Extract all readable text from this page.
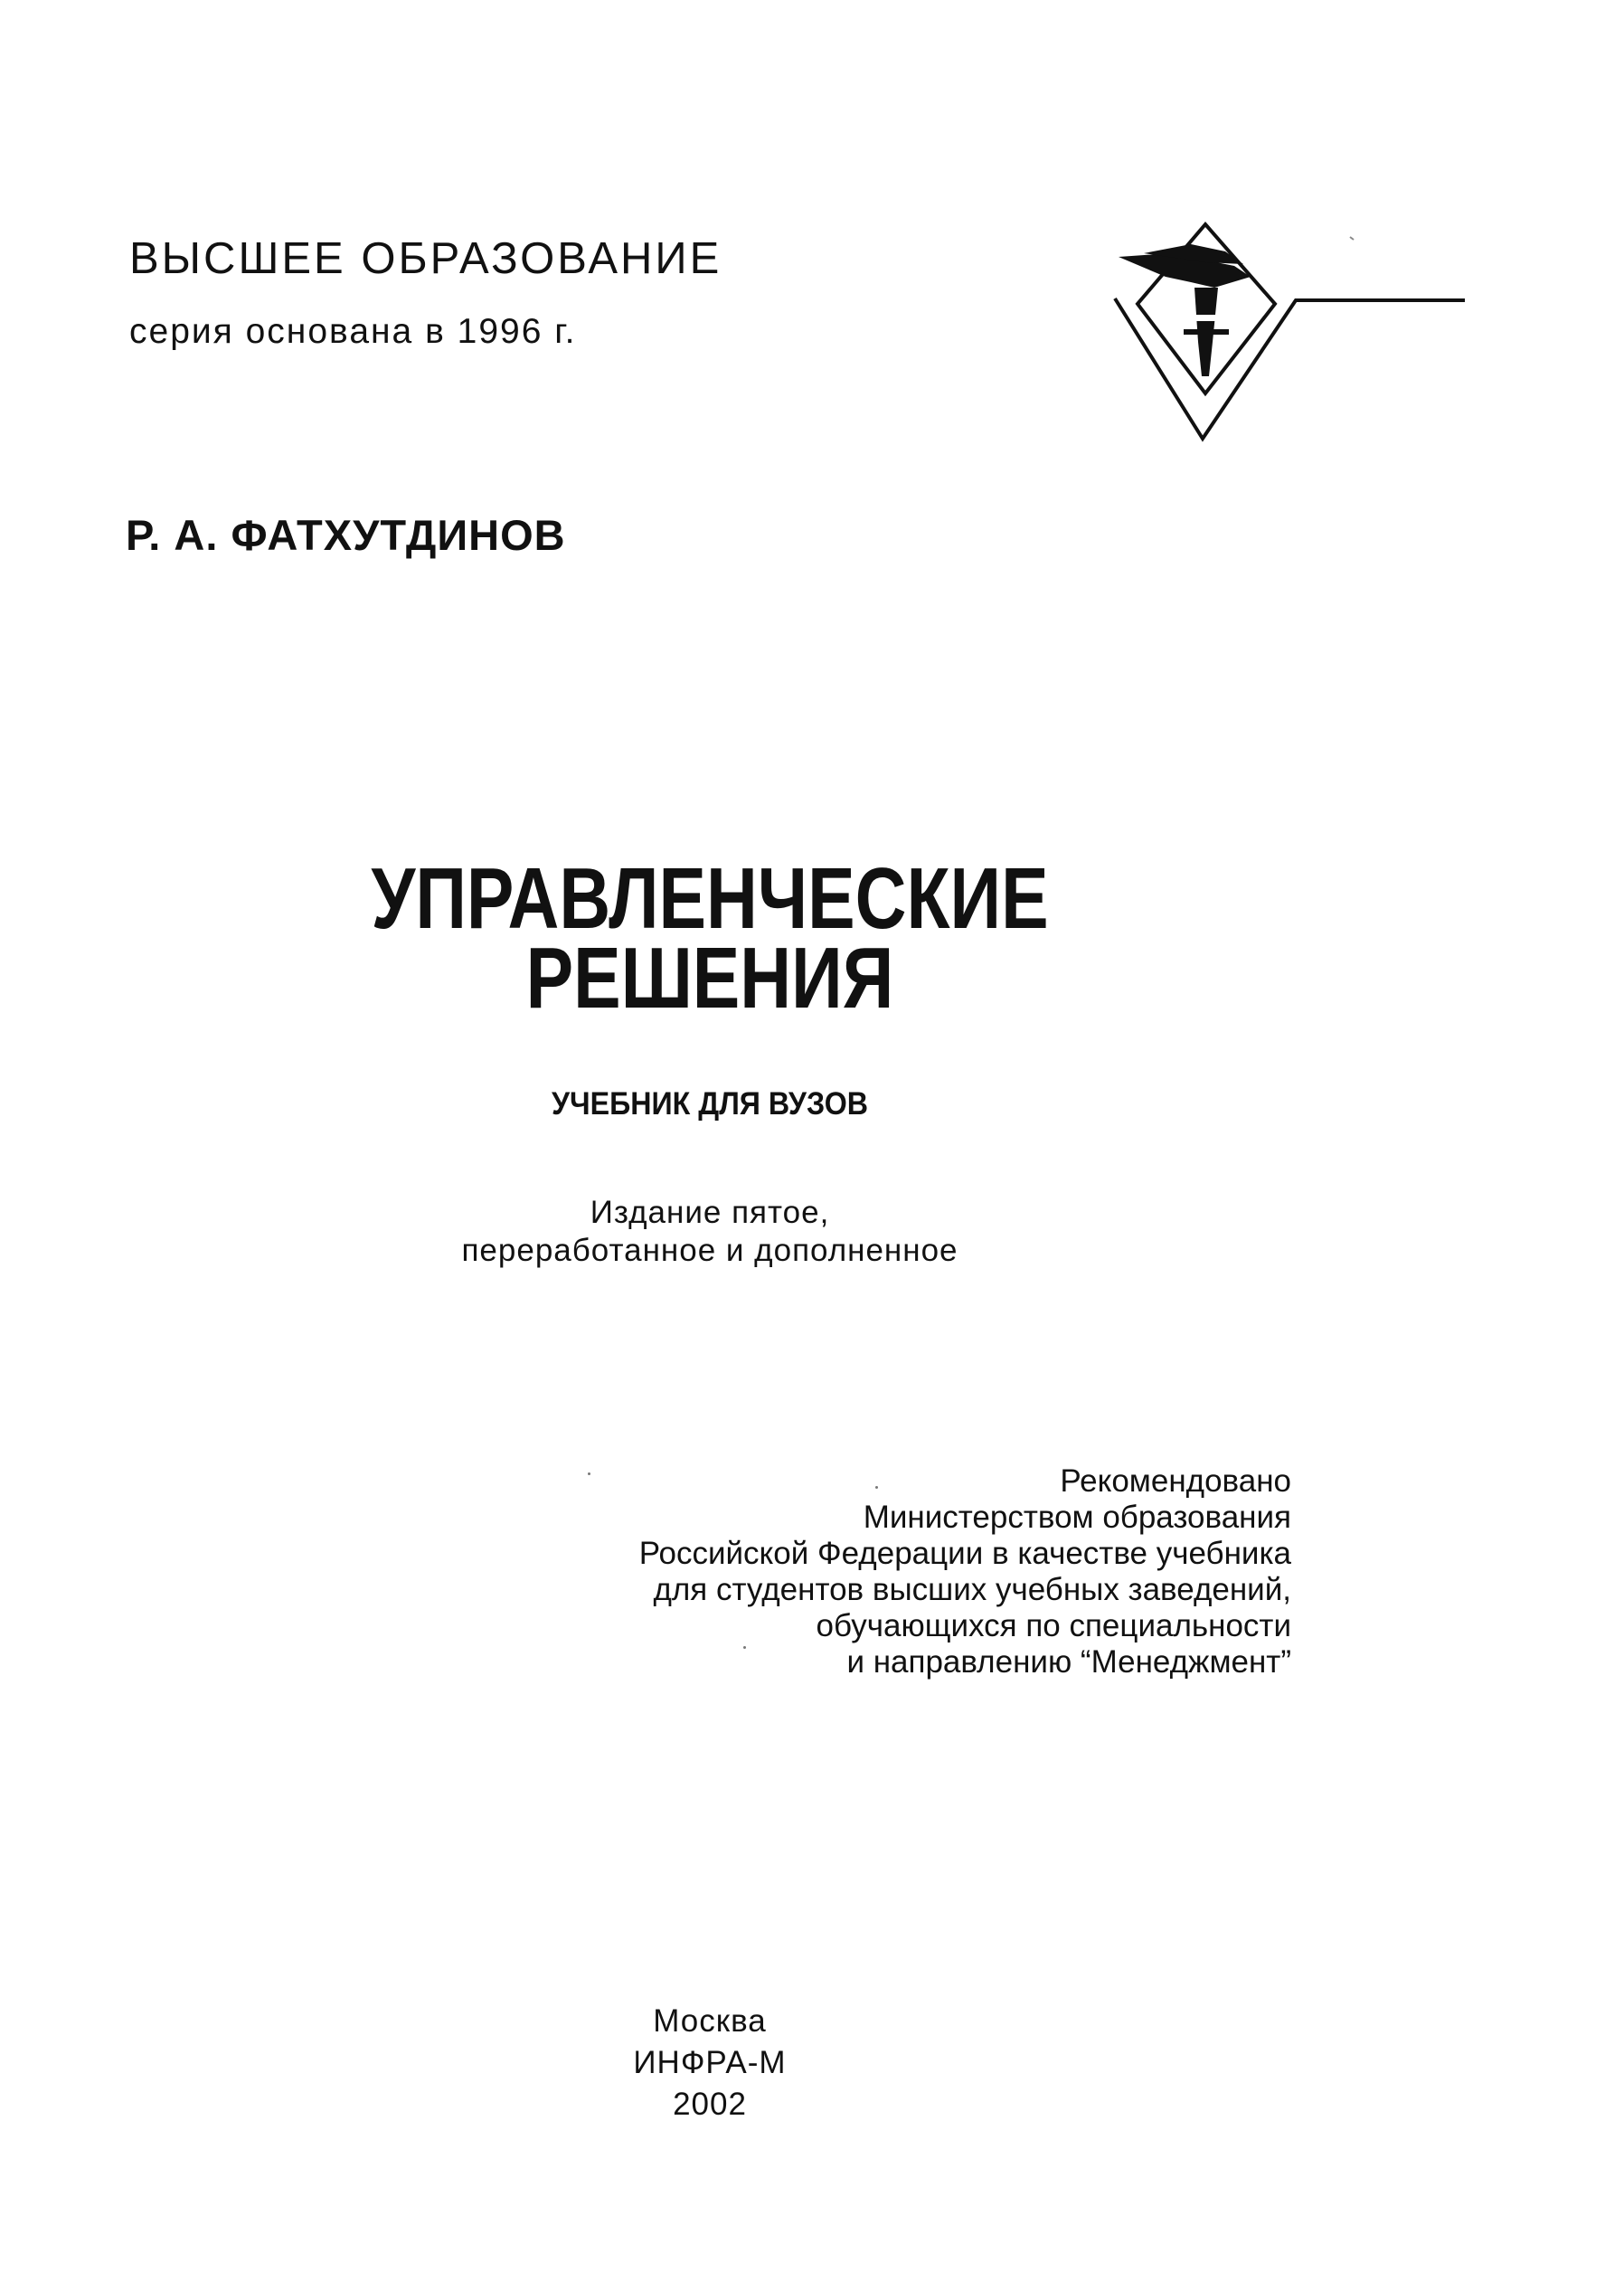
ВЫСШЕЕ ОБРАЗОВАНИЕ
серия основана в 1996 г.
Р. А. ФАТХУТДИНОВ
УПРАВЛЕНЧЕСКИЕ
РЕШЕНИЯ
УЧЕБНИК ДЛЯ ВУЗОВ
Издание пятое,
переработанное и дополненное
Рекомендовано
Министерством образования
Российской Федерации в качестве учебника
для студентов высших учебных заведений,
обучающихся по специальности
и направлению “Менеджмент”
Москва
ИНФРА-М
2002
